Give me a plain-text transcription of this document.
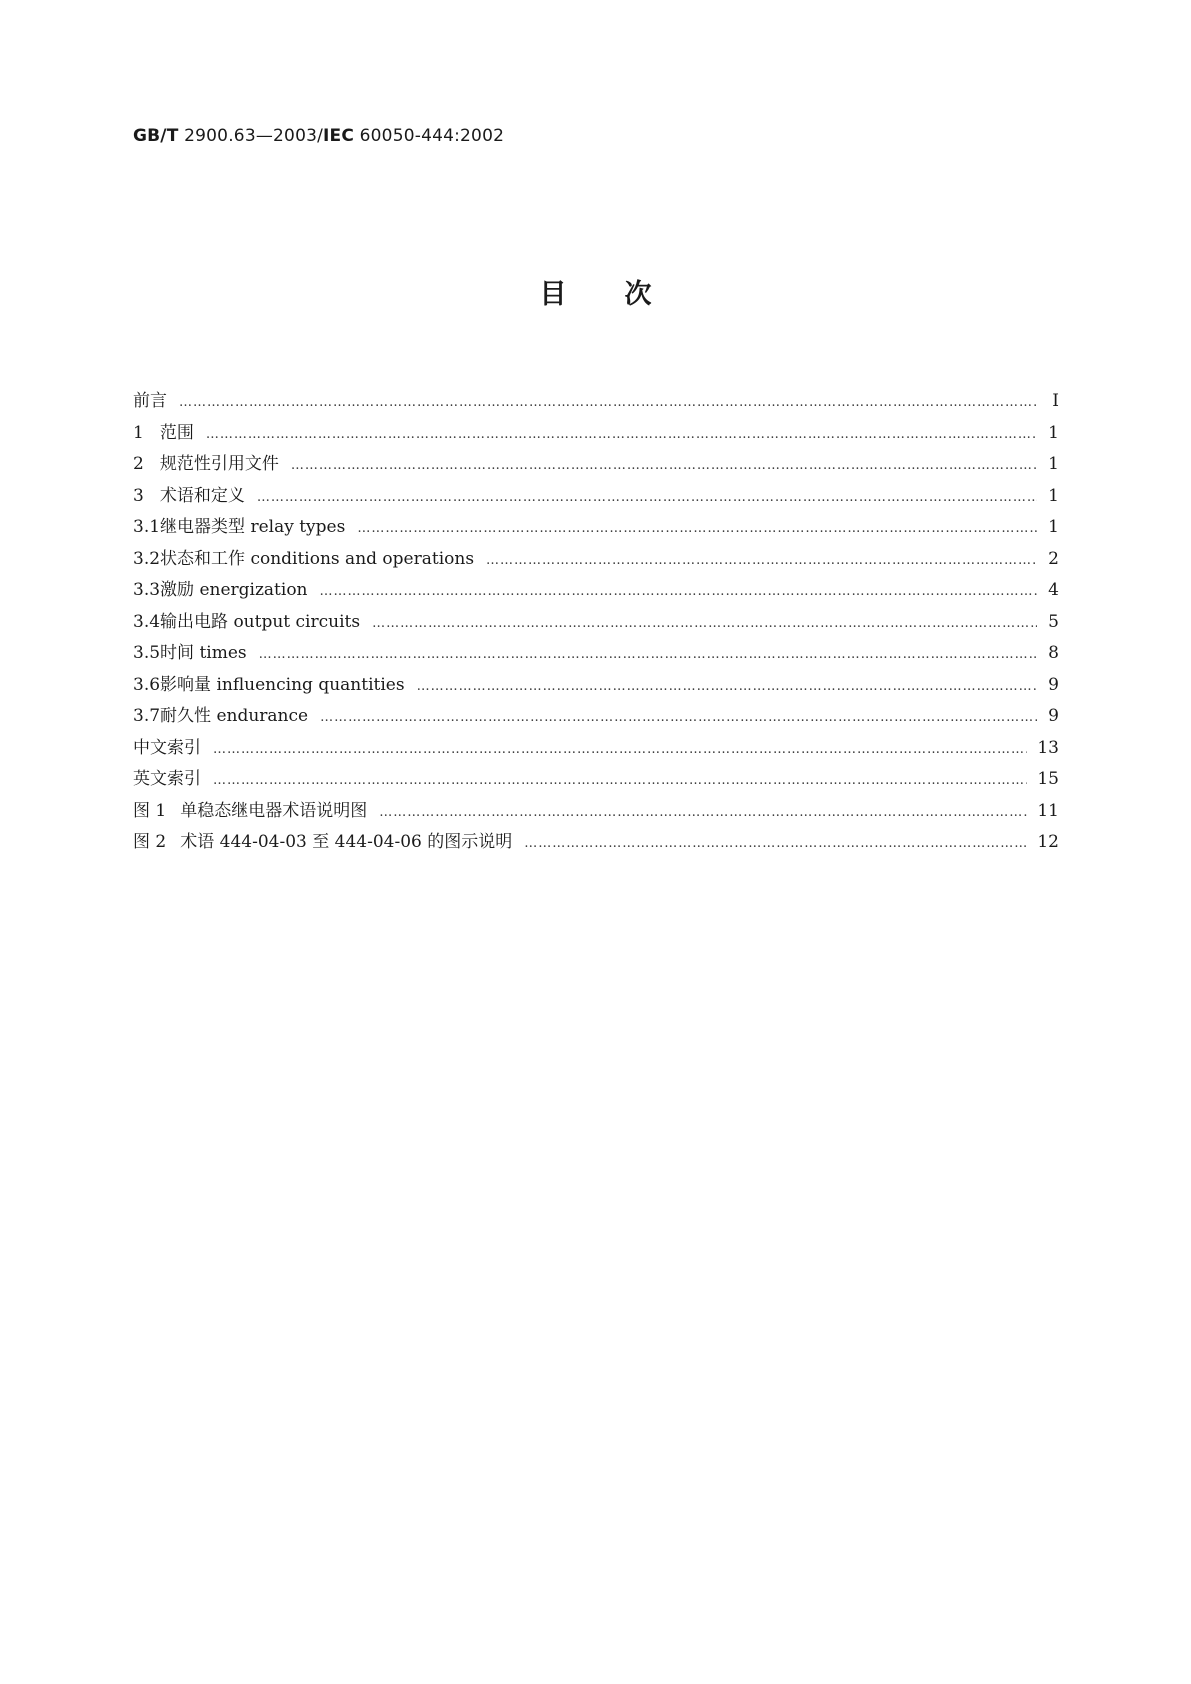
GB/T 2900.63—2003/IEC 60050-444:2002
目次
前言 ………………………………………………………………………………………………………………………………………………………………………………………………………………………………………………	I
1 范围 ………………………………………………………………………………………………………………………………………………………………………………………………………………………………………………	1
2 规范性引用文件 ………………………………………………………………………………………………………………………………………………………………………………………………………………………………………………	1
3 术语和定义 ………………………………………………………………………………………………………………………………………………………………………………………………………………………………………………	1
3.1 继电器类型 relay types ………………………………………………………………………………………………………………………………………………………………………………………………………………………………………………	1
3.2 状态和工作 conditions and operations ………………………………………………………………………………………………………………………………………………………………………………………………………………………………………………	2
3.3 激励 energization ………………………………………………………………………………………………………………………………………………………………………………………………………………………………………………	4
3.4 输出电路 output circuits ………………………………………………………………………………………………………………………………………………………………………………………………………………………………………………	5
3.5 时间 times ………………………………………………………………………………………………………………………………………………………………………………………………………………………………………………	8
3.6 影响量 influencing quantities ………………………………………………………………………………………………………………………………………………………………………………………………………………………………………………	9
3.7 耐久性 endurance ………………………………………………………………………………………………………………………………………………………………………………………………………………………………………………	9
中文索引 ………………………………………………………………………………………………………………………………………………………………………………………………………………………………………………	13
英文索引 ………………………………………………………………………………………………………………………………………………………………………………………………………………………………………………	15
图 1 单稳态继电器术语说明图 ………………………………………………………………………………………………………………………………………………………………………………………………………………………………………………	11
图 2 术语 444-04-03 至 444-04-06 的图示说明 ………………………………………………………………………………………………………………………………………………………………………………………………………………………………………………	12
